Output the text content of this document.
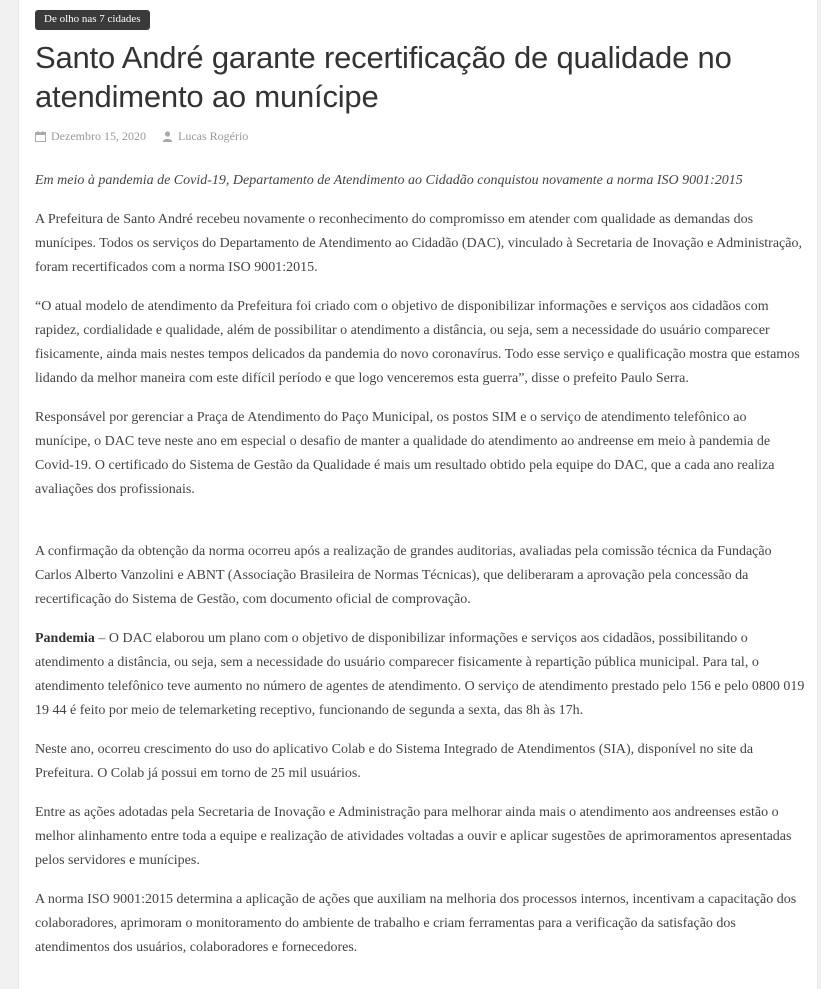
De olho nas 7 cidades
Santo André garante recertificação de qualidade no atendimento ao munícipe
Dezembro 15, 2020	Lucas Rogério

Em meio à pandemia de Covid-19, Departamento de Atendimento ao Cidadão conquistou novamente a norma ISO 9001:2015

A Prefeitura de Santo André recebeu novamente o reconhecimento do compromisso em atender com qualidade as demandas dos munícipes. Todos os serviços do Departamento de Atendimento ao Cidadão (DAC), vinculado à Secretaria de Inovação e Administração, foram recertificados com a norma ISO 9001:2015.

“O atual modelo de atendimento da Prefeitura foi criado com o objetivo de disponibilizar informações e serviços aos cidadãos com rapidez, cordialidade e qualidade, além de possibilitar o atendimento a distância, ou seja, sem a necessidade do usuário comparecer fisicamente, ainda mais nestes tempos delicados da pandemia do novo coronavírus. Todo esse serviço e qualificação mostra que estamos lidando da melhor maneira com este difícil período e que logo venceremos esta guerra”, disse o prefeito Paulo Serra.

Responsável por gerenciar a Praça de Atendimento do Paço Municipal, os postos SIM e o serviço de atendimento telefônico ao munícipe, o DAC teve neste ano em especial o desafio de manter a qualidade do atendimento ao andreense em meio à pandemia de Covid-19. O certificado do Sistema de Gestão da Qualidade é mais um resultado obtido pela equipe do DAC, que a cada ano realiza avaliações dos profissionais.

A confirmação da obtenção da norma ocorreu após a realização de grandes auditorias, avaliadas pela comissão técnica da Fundação Carlos Alberto Vanzolini e ABNT (Associação Brasileira de Normas Técnicas), que deliberaram a aprovação pela concessão da recertificação do Sistema de Gestão, com documento oficial de comprovação.

Pandemia – O DAC elaborou um plano com o objetivo de disponibilizar informações e serviços aos cidadãos, possibilitando o atendimento a distância, ou seja, sem a necessidade do usuário comparecer fisicamente à repartição pública municipal. Para tal, o atendimento telefônico teve aumento no número de agentes de atendimento. O serviço de atendimento prestado pelo 156 e pelo 0800 019 19 44 é feito por meio de telemarketing receptivo, funcionando de segunda a sexta, das 8h às 17h.

Neste ano, ocorreu crescimento do uso do aplicativo Colab e do Sistema Integrado de Atendimentos (SIA), disponível no site da Prefeitura. O Colab já possui em torno de 25 mil usuários.

Entre as ações adotadas pela Secretaria de Inovação e Administração para melhorar ainda mais o atendimento aos andreenses estão o melhor alinhamento entre toda a equipe e realização de atividades voltadas a ouvir e aplicar sugestões de aprimoramentos apresentadas pelos servidores e munícipes.

A norma ISO 9001:2015 determina a aplicação de ações que auxiliam na melhoria dos processos internos, incentivam a capacitação dos colaboradores, aprimoram o monitoramento do ambiente de trabalho e criam ferramentas para a verificação da satisfação dos atendimentos dos usuários, colaboradores e fornecedores.
